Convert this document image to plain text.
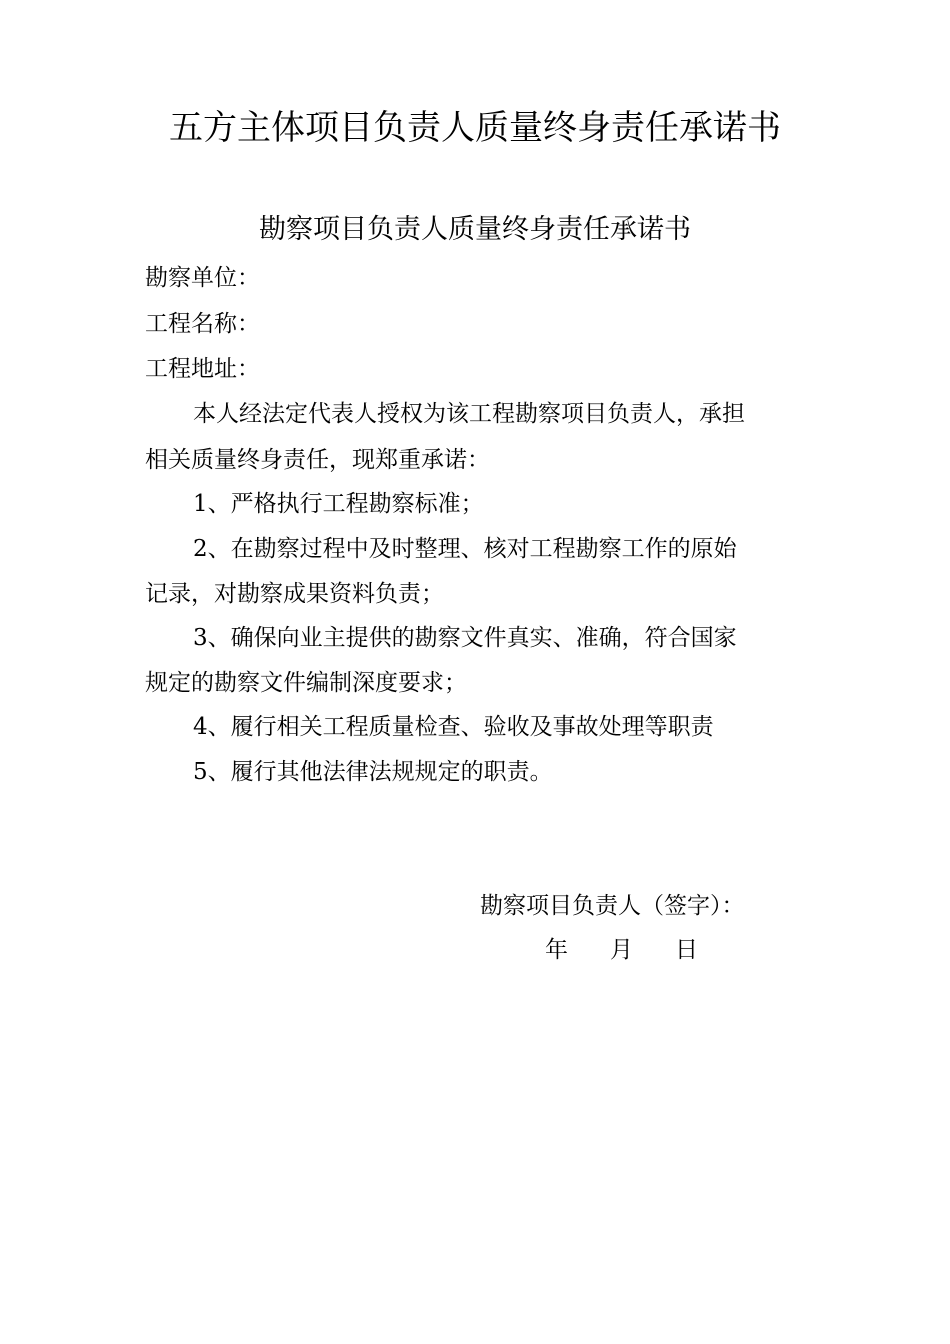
五方主体项目负责人质量终身责任承诺书
勘察项目负责人质量终身责任承诺书
勘察单位：
工程名称：
工程地址：
本人经法定代表人授权为该工程勘察项目负责人，承担
相关质量终身责任，现郑重承诺：
1、严格执行工程勘察标准；
2、在勘察过程中及时整理、核对工程勘察工作的原始
记录，对勘察成果资料负责；
3、确保向业主提供的勘察文件真实、准确，符合国家
规定的勘察文件编制深度要求；
4、履行相关工程质量检查、验收及事故处理等职责
5、履行其他法律法规规定的职责。
勘察项目负责人（签字）：
年 月 日
